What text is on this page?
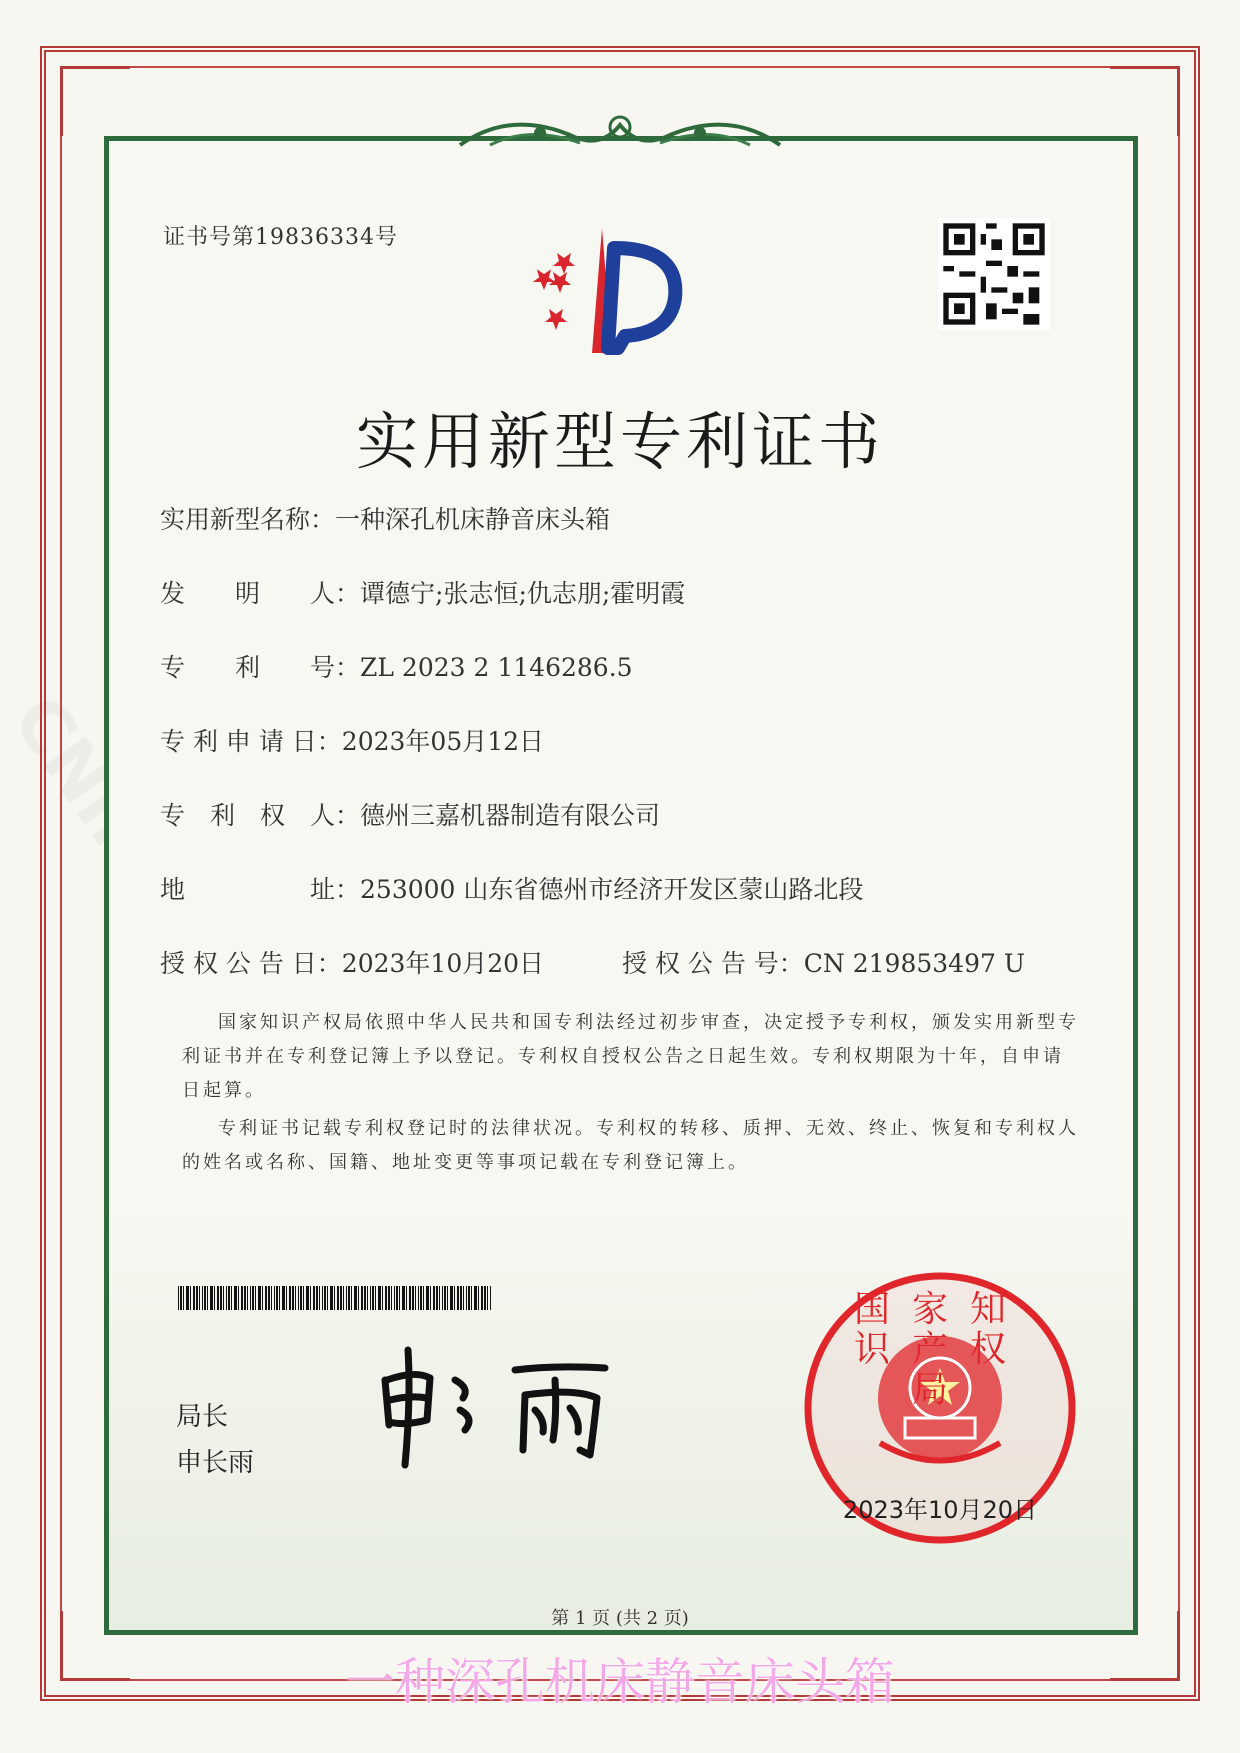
证书号第19836334号
实用新型专利证书
实用新型名称：一种深孔机床静音床头箱
发　　明　　人：谭德宁;张志恒;仇志朋;霍明霞
专　　利　　号：ZL 2023 2 1146286.5
专 利 申 请 日：2023年05月12日
专　利　权　人：德州三嘉机器制造有限公司
地　　　　　址：253000 山东省德州市经济开发区蒙山路北段
授 权 公 告 日：2023年10月20日	授 权 公 告 号：CN 219853497 U

国家知识产权局依照中华人民共和国专利法经过初步审查，决定授予专利权，颁发实用新型专利证书并在专利登记簿上予以登记。专利权自授权公告之日起生效。专利权期限为十年，自申请日起算。

专利证书记载专利权登记时的法律状况。专利权的转移、质押、无效、终止、恢复和专利权人的姓名或名称、国籍、地址变更等事项记载在专利登记簿上。

局长
申长雨
国家知识产权局
2023年10月20日
第 1 页 (共 2 页)
一种深孔机床静音床头箱
